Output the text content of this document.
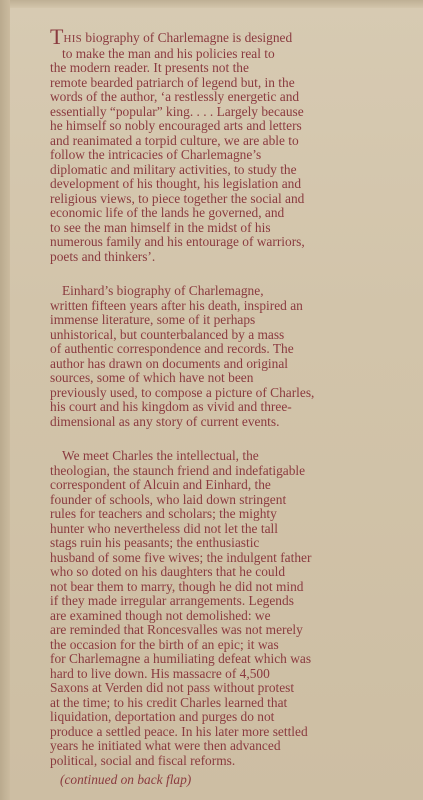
THIS biography of Charlemagne is designed
to make the man and his policies real to
the modern reader. It presents not the
remote bearded patriarch of legend but, in the
words of the author, ‘a restlessly energetic and
essentially “popular” king. . . . Largely because
he himself so nobly encouraged arts and letters
and reanimated a torpid culture, we are able to
follow the intricacies of Charlemagne’s
diplomatic and military activities, to study the
development of his thought, his legislation and
religious views, to piece together the social and
economic life of the lands he governed, and
to see the man himself in the midst of his
numerous family and his entourage of warriors,
poets and thinkers’.

Einhard’s biography of Charlemagne,
written fifteen years after his death, inspired an
immense literature, some of it perhaps
unhistorical, but counterbalanced by a mass
of authentic correspondence and records. The
author has drawn on documents and original
sources, some of which have not been
previously used, to compose a picture of Charles,
his court and his kingdom as vivid and three-
dimensional as any story of current events.

We meet Charles the intellectual, the
theologian, the staunch friend and indefatigable
correspondent of Alcuin and Einhard, the
founder of schools, who laid down stringent
rules for teachers and scholars; the mighty
hunter who nevertheless did not let the tall
stags ruin his peasants; the enthusiastic
husband of some five wives; the indulgent father
who so doted on his daughters that he could
not bear them to marry, though he did not mind
if they made irregular arrangements. Legends
are examined though not demolished: we
are reminded that Roncesvalles was not merely
the occasion for the birth of an epic; it was
for Charlemagne a humiliating defeat which was
hard to live down. His massacre of 4,500
Saxons at Verden did not pass without protest
at the time; to his credit Charles learned that
liquidation, deportation and purges do not
produce a settled peace. In his later more settled
years he initiated what were then advanced
political, social and fiscal reforms.

(continued on back flap)
